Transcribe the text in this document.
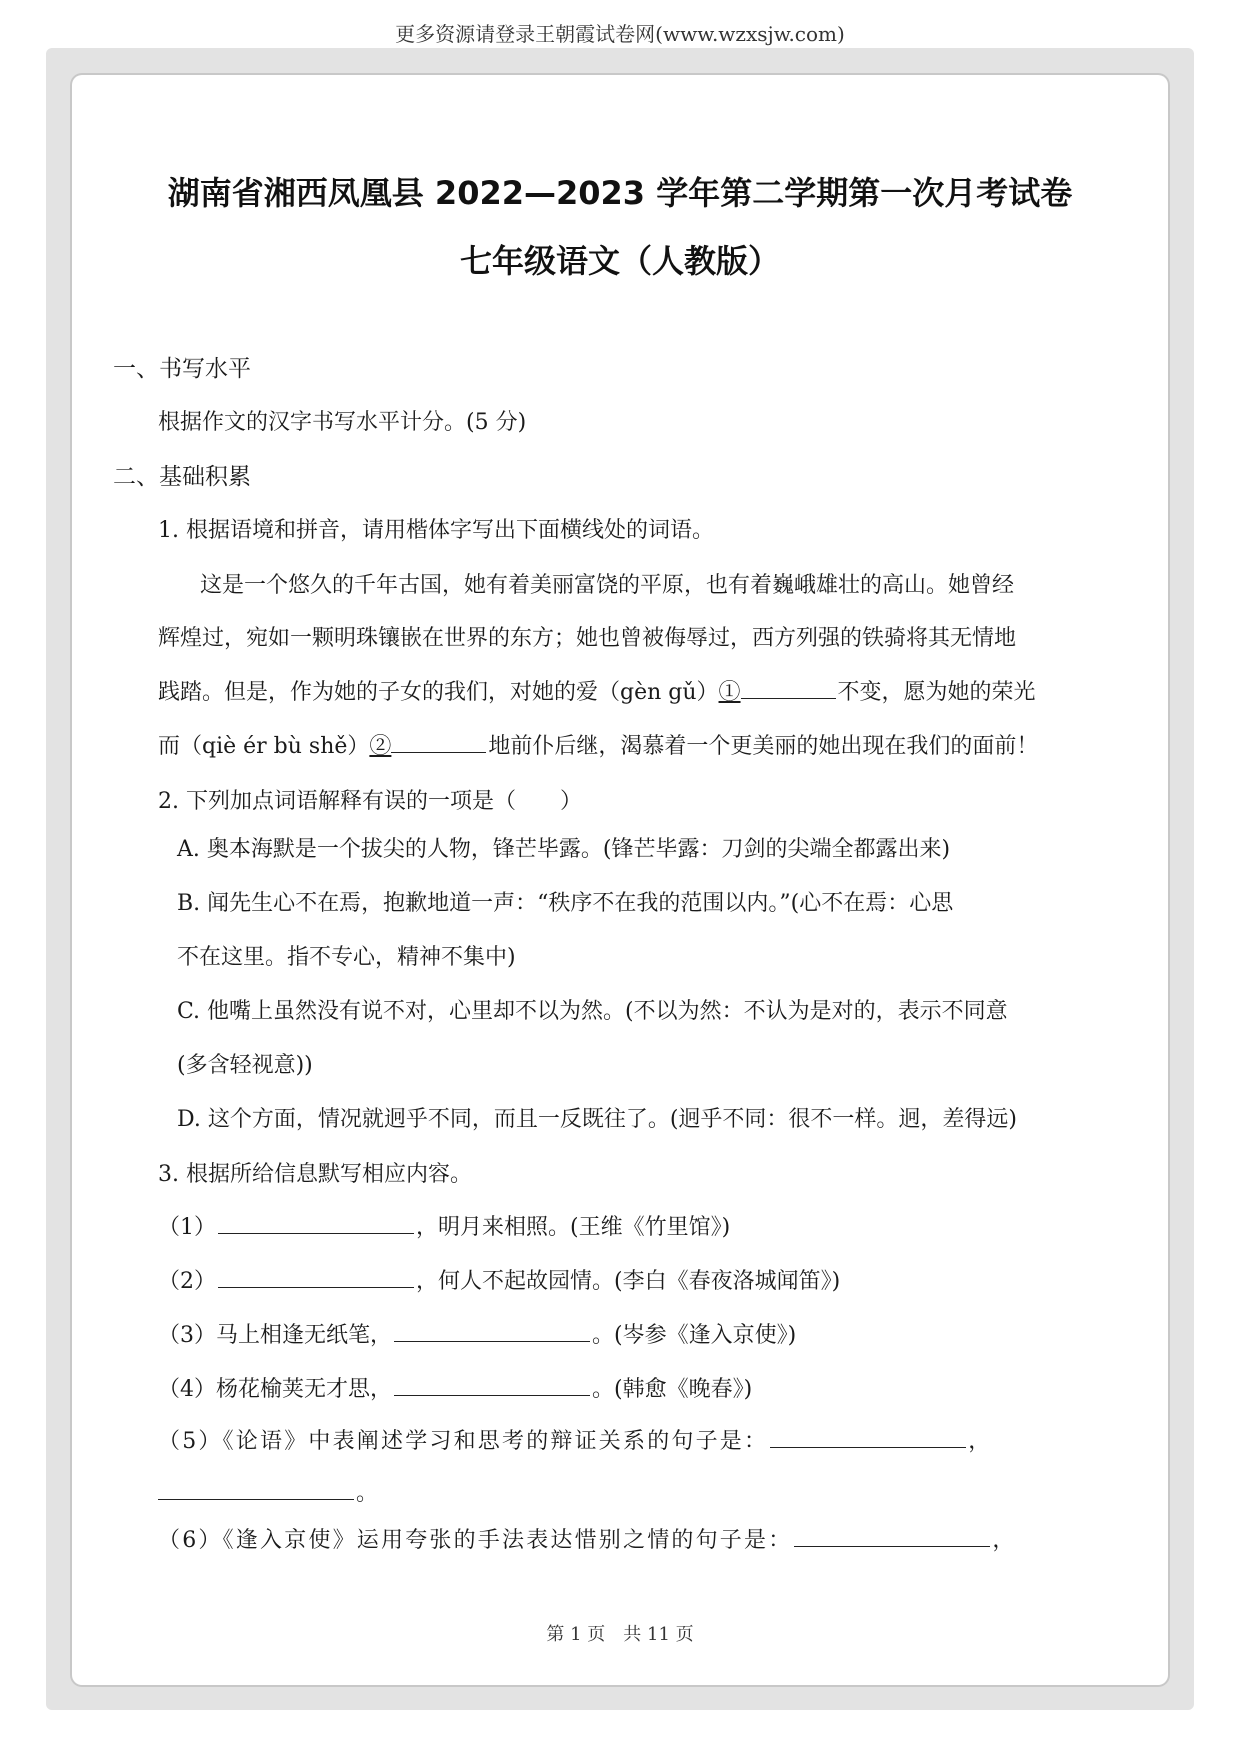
更多资源请登录王朝霞试卷网(www.wzxsjw.com)
湖南省湘西凤凰县 2022—2023 学年第二学期第一次月考试卷
七年级语文（人教版）
一、书写水平
根据作文的汉字书写水平计分。(5 分)
二、基础积累
1. 根据语境和拼音，请用楷体字写出下面横线处的词语。
这是一个悠久的千年古国，她有着美丽富饶的平原，也有着巍峨雄壮的高山。她曾经
辉煌过，宛如一颗明珠镶嵌在世界的东方；她也曾被侮辱过，西方列强的铁骑将其无情地
践踏。但是，作为她的子女的我们，对她的爱（gèn gǔ）①	不变，愿为她的荣光
而（qiè ér bù shě）②	地前仆后继，渴慕着一个更美丽的她出现在我们的面前！
2. 下列加点词语解释有误的一项是（　　）
A. 奥本海默是一个拔尖的人物，锋芒毕露。(锋芒毕露：刀剑的尖端全都露出来)
B. 闻先生心不在焉，抱歉地道一声：“秩序不在我的范围以内。”(心不在焉：心思
不在这里。指不专心，精神不集中)
C. 他嘴上虽然没有说不对，心里却不以为然。(不以为然：不认为是对的，表示不同意
(多含轻视意))
D. 这个方面，情况就迥乎不同，而且一反既往了。(迥乎不同：很不一样。迥，差得远)
3. 根据所给信息默写相应内容。
（1）	，明月来相照。(王维《竹里馆》)
（2）	，何人不起故园情。(李白《春夜洛城闻笛》)
（3）马上相逢无纸笔，	。(岑参《逢入京使》)
（4）杨花榆荚无才思，	。(韩愈《晚春》)
（5）《论语》中表阐述学习和思考的辩证关系的句子是：	，
。
（6）《逢入京使》运用夸张的手法表达惜别之情的句子是：	，
第 1 页　共 11 页
